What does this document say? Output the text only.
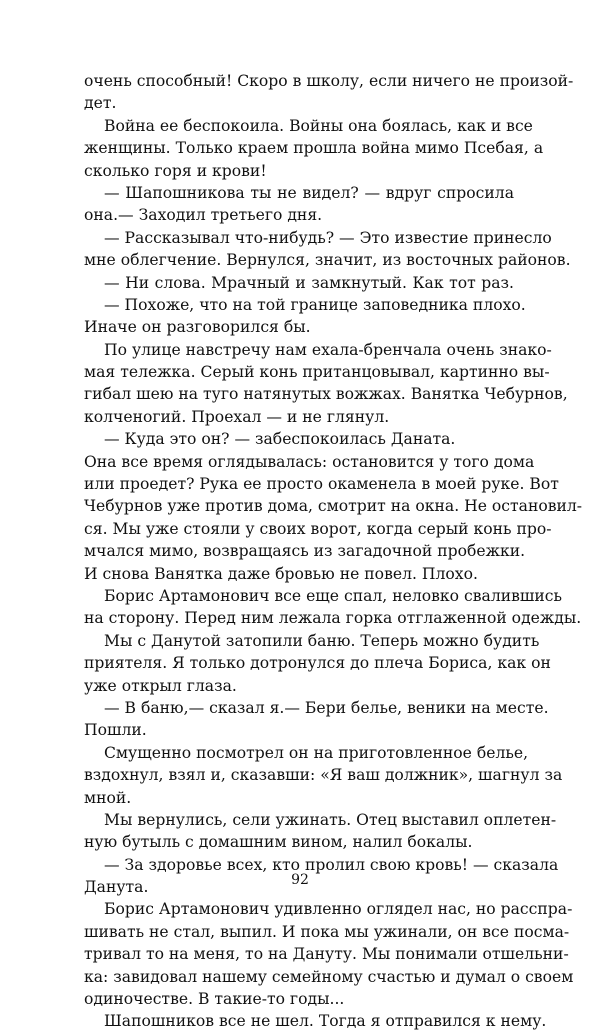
очень способный! Скоро в школу, если ничего не произой-
дет.
Война ее беспокоила. Войны она боялась, как и все
женщины. Только краем прошла война мимо Псебая, а
сколько горя и крови!
— Шапошникова ты не видел? — вдруг спросила
она.— Заходил третьего дня.
— Рассказывал что-нибудь? — Это известие принесло
мне облегчение. Вернулся, значит, из восточных районов.
— Ни слова. Мрачный и замкнутый. Как тот раз.
— Похоже, что на той границе заповедника плохо.
Иначе он разговорился бы.
По улице навстречу нам ехала-бренчала очень знако-
мая тележка. Серый конь пританцовывал, картинно вы-
гибал шею на туго натянутых вожжах. Ванятка Чебурнов,
колченогий. Проехал — и не глянул.
— Куда это он? — забеспокоилась Даната.
Она все время оглядывалась: остановится у того дома
или проедет? Рука ее просто окаменела в моей руке. Вот
Чебурнов уже против дома, смотрит на окна. Не остановил-
ся. Мы уже стояли у своих ворот, когда серый конь про-
мчался мимо, возвращаясь из загадочной пробежки.
И снова Ванятка даже бровью не повел. Плохо.
Борис Артамонович все еще спал, неловко свалившись
на сторону. Перед ним лежала горка отглаженной одежды.
Мы с Данутой затопили баню. Теперь можно будить
приятеля. Я только дотронулся до плеча Бориса, как он
уже открыл глаза.
— В баню,— сказал я.— Бери белье, веники на месте.
Пошли.
Смущенно посмотрел он на приготовленное белье,
вздохнул, взял и, сказавши: «Я ваш должник», шагнул за
мной.
Мы вернулись, сели ужинать. Отец выставил оплетен-
ную бутыль с домашним вином, налил бокалы.
— За здоровье всех, кто пролил свою кровь! — сказала
Данута.
Борис Артамонович удивленно оглядел нас, но расспра-
шивать не стал, выпил. И пока мы ужинали, он все посма-
тривал то на меня, то на Дануту. Мы понимали отшельни-
ка: завидовал нашему семейному счастью и думал о своем
одиночестве. В такие-то годы...
Шапошников все не шел. Тогда я отправился к нему.
92
